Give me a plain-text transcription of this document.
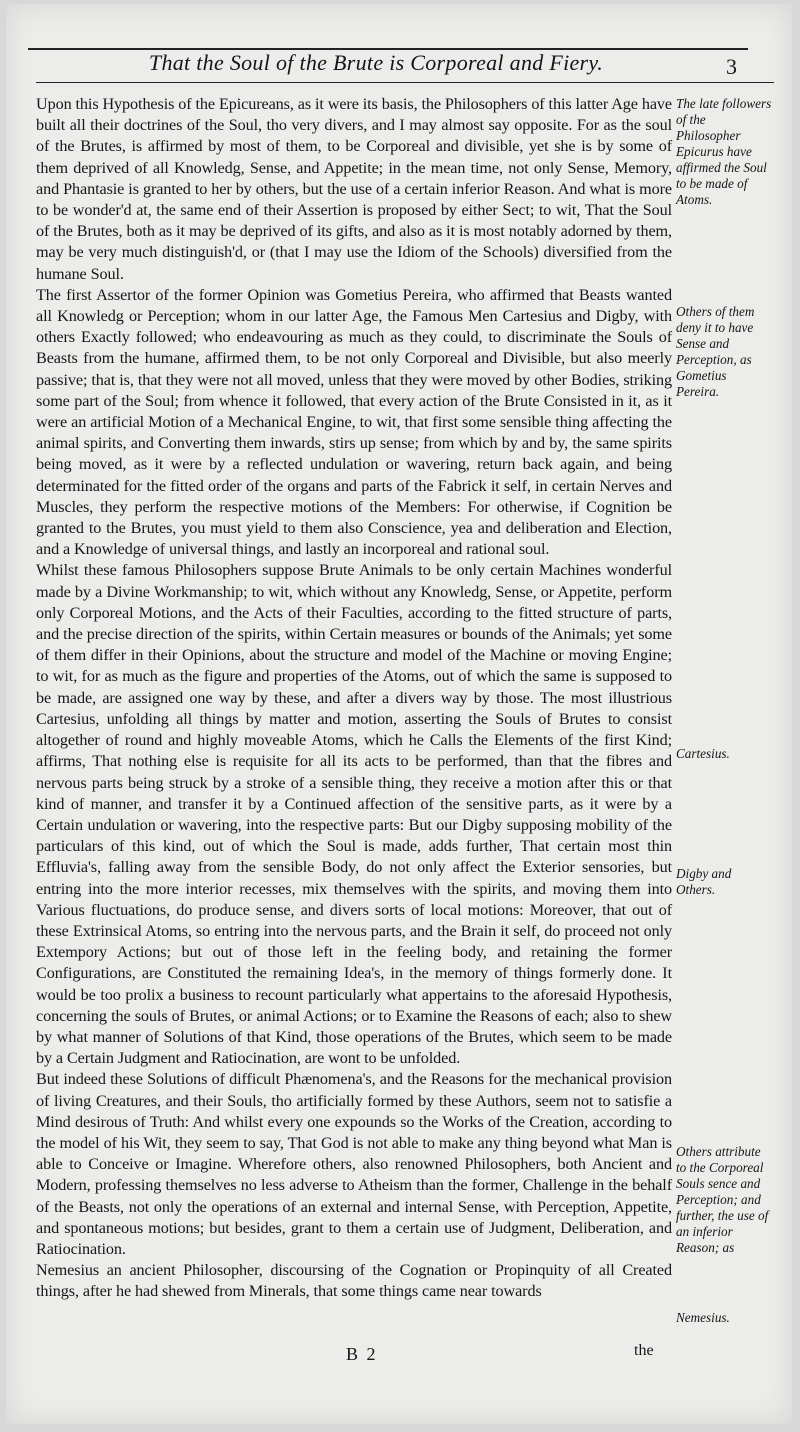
That the Soul of the Brute is Corporeal and Fiery.	3

Upon this Hypothesis of the Epicureans, as it were its basis, the Philosophers of this latter Age have built all their doctrines of the Soul, tho very divers, and I may almost say opposite. For as the soul of the Brutes, is affirmed by most of them, to be Corporeal and divisible, yet she is by some of them deprived of all Knowledg, Sense, and Appetite; in the mean time, not only Sense, Memory, and Phantasie is granted to her by others, but the use of a certain inferior Reason. And what is more to be wonder'd at, the same end of their Assertion is proposed by either Sect; to wit, That the Soul of the Brutes, both as it may be deprived of its gifts, and also as it is most notably adorned by them, may be very much distinguish'd, or (that I may use the Idiom of the Schools) diversified from the humane Soul.

The first Assertor of the former Opinion was Gometius Pereira, who affirmed that Beasts wanted all Knowledg or Perception; whom in our latter Age, the Famous Men Cartesius and Digby, with others Exactly followed; who endeavouring as much as they could, to discriminate the Souls of Beasts from the humane, affirmed them, to be not only Corporeal and Divisible, but also meerly passive; that is, that they were not all moved, unless that they were moved by other Bodies, striking some part of the Soul; from whence it followed, that every action of the Brute Consisted in it, as it were an artificial Motion of a Mechanical Engine, to wit, that first some sensible thing affecting the animal spirits, and Converting them inwards, stirs up sense; from which by and by, the same spirits being moved, as it were by a reflected undulation or wavering, return back again, and being determinated for the fitted order of the organs and parts of the Fabrick it self, in certain Nerves and Muscles, they perform the respective motions of the Members: For otherwise, if Cognition be granted to the Brutes, you must yield to them also Conscience, yea and deliberation and Election, and a Knowledge of universal things, and lastly an incorporeal and rational soul.

Whilst these famous Philosophers suppose Brute Animals to be only certain Machines wonderful made by a Divine Workmanship; to wit, which without any Knowledg, Sense, or Appetite, perform only Corporeal Motions, and the Acts of their Faculties, according to the fitted structure of parts, and the precise direction of the spirits, within Certain measures or bounds of the Animals; yet some of them differ in their Opinions, about the structure and model of the Machine or moving Engine; to wit, for as much as the figure and properties of the Atoms, out of which the same is supposed to be made, are assigned one way by these, and after a divers way by those. The most illustrious Cartesius, unfolding all things by matter and motion, asserting the Souls of Brutes to consist altogether of round and highly moveable Atoms, which he Calls the Elements of the first Kind; affirms, That nothing else is requisite for all its acts to be performed, than that the fibres and nervous parts being struck by a stroke of a sensible thing, they receive a motion after this or that kind of manner, and transfer it by a Continued affection of the sensitive parts, as it were by a Certain undulation or wavering, into the respective parts: But our Digby supposing mobility of the particulars of this kind, out of which the Soul is made, adds further, That certain most thin Effluvia's, falling away from the sensible Body, do not only affect the Exterior sensories, but entring into the more interior recesses, mix themselves with the spirits, and moving them into Various fluctuations, do produce sense, and divers sorts of local motions: Moreover, that out of these Extrinsical Atoms, so entring into the nervous parts, and the Brain it self, do proceed not only Extempory Actions; but out of those left in the feeling body, and retaining the former Configurations, are Constituted the remaining Idea's, in the memory of things formerly done. It would be too prolix a business to recount particularly what appertains to the aforesaid Hypothesis, concerning the souls of Brutes, or animal Actions; or to Examine the Reasons of each; also to shew by what manner of Solutions of that Kind, those operations of the Brutes, which seem to be made by a Certain Judgment and Ratiocination, are wont to be unfolded.

But indeed these Solutions of difficult Phænomena's, and the Reasons for the mechanical provision of living Creatures, and their Souls, tho artificially formed by these Authors, seem not to satisfie a Mind desirous of Truth: And whilst every one expounds so the Works of the Creation, according to the model of his Wit, they seem to say, That God is not able to make any thing beyond what Man is able to Conceive or Imagine. Wherefore others, also renowned Philosophers, both Ancient and Modern, professing themselves no less adverse to Atheism than the former, Challenge in the behalf of the Beasts, not only the operations of an external and internal Sense, with Perception, Appetite, and spontaneous motions; but besides, grant to them a certain use of Judgment, Deliberation, and Ratiocination.

Nemesius an ancient Philosopher, discoursing of the Cognation or Propinquity of all Created things, after he had shewed from Minerals, that some things came near towards

The late followers of the Philosopher Epicurus have affirmed the Soul to be made of Atoms.
Others of them deny it to have Sense and Perception, as Gometius Pereira.
Cartesius.
Digby and Others.
Others attribute to the Corporeal Souls sence and Perception; and further, the use of an inferior Reason; as
Nemesius.
B 2	the
